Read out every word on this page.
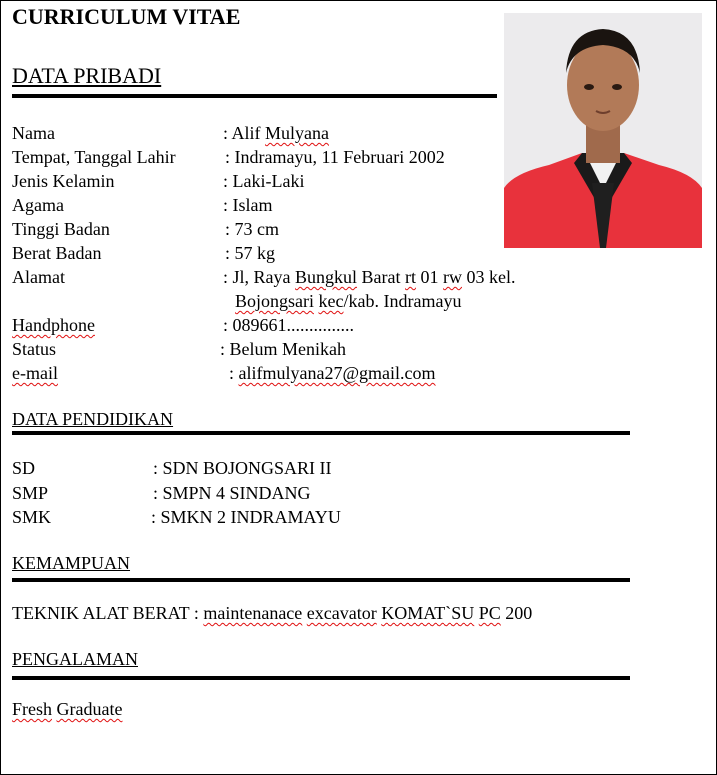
CURRICULUM VITAE
DATA PRIBADI
Nama	: Alif Mulyana
Tempat, Tanggal Lahir	: Indramayu, 11 Februari 2002
Jenis Kelamin	: Laki-Laki
Agama	: Islam
Tinggi Badan	: 73 cm
Berat Badan	: 57 kg
Alamat	: Jl, Raya Bungkul Barat rt 01 rw 03 kel.
Bojongsari kec/kab. Indramayu
Handphone	: 089661...............
Status	: Belum Menikah
e-mail	: alifmulyana27@gmail.com
DATA PENDIDIKAN
SD	: SDN BOJONGSARI II
SMP	: SMPN 4 SINDANG
SMK	: SMKN 2 INDRAMAYU
KEMAMPUAN
TEKNIK ALAT BERAT : maintenanace excavator KOMAT`SU PC 200
PENGALAMAN
Fresh Graduate
